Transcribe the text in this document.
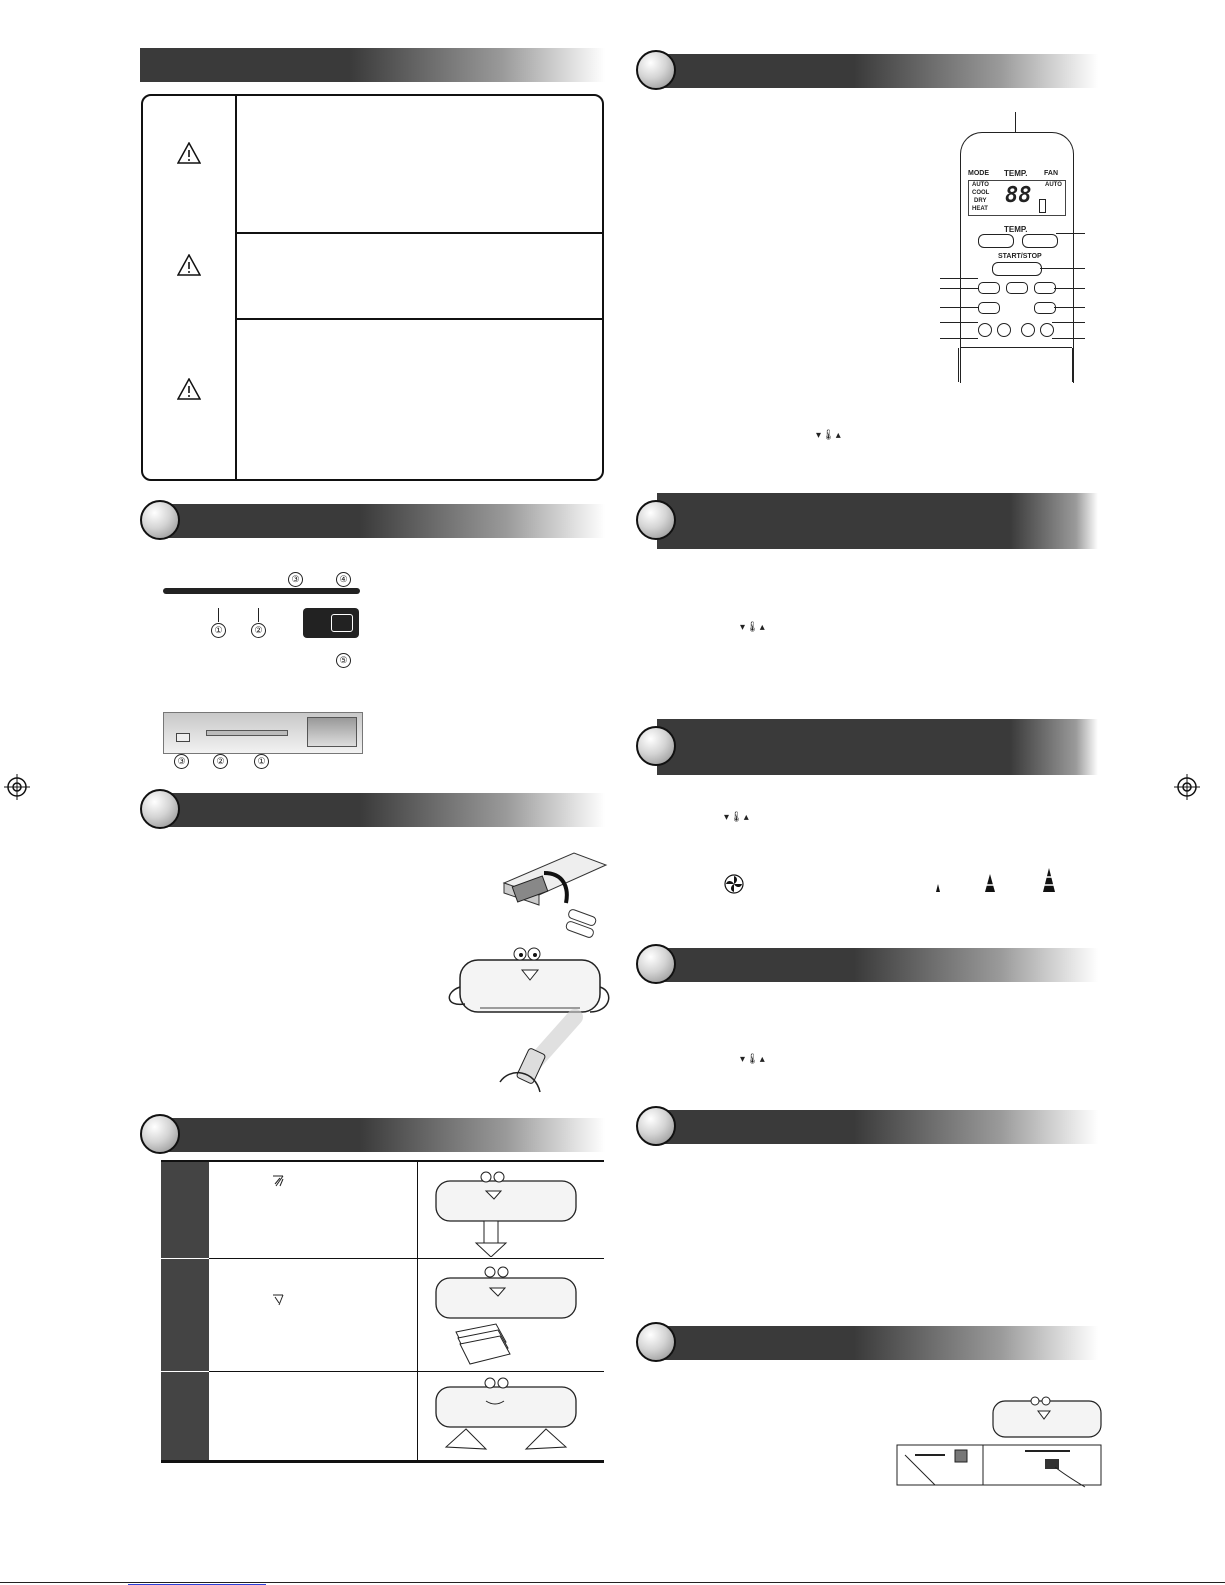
③	④
①	②
⑤
③	②	①
MODE TEMP. FAN
AUTO
COOL
DRY
HEAT
88 AUTO
TEMP.
START/STOP
▾🌡▴
▾🌡▴
▾🌡▴
▾🌡▴
